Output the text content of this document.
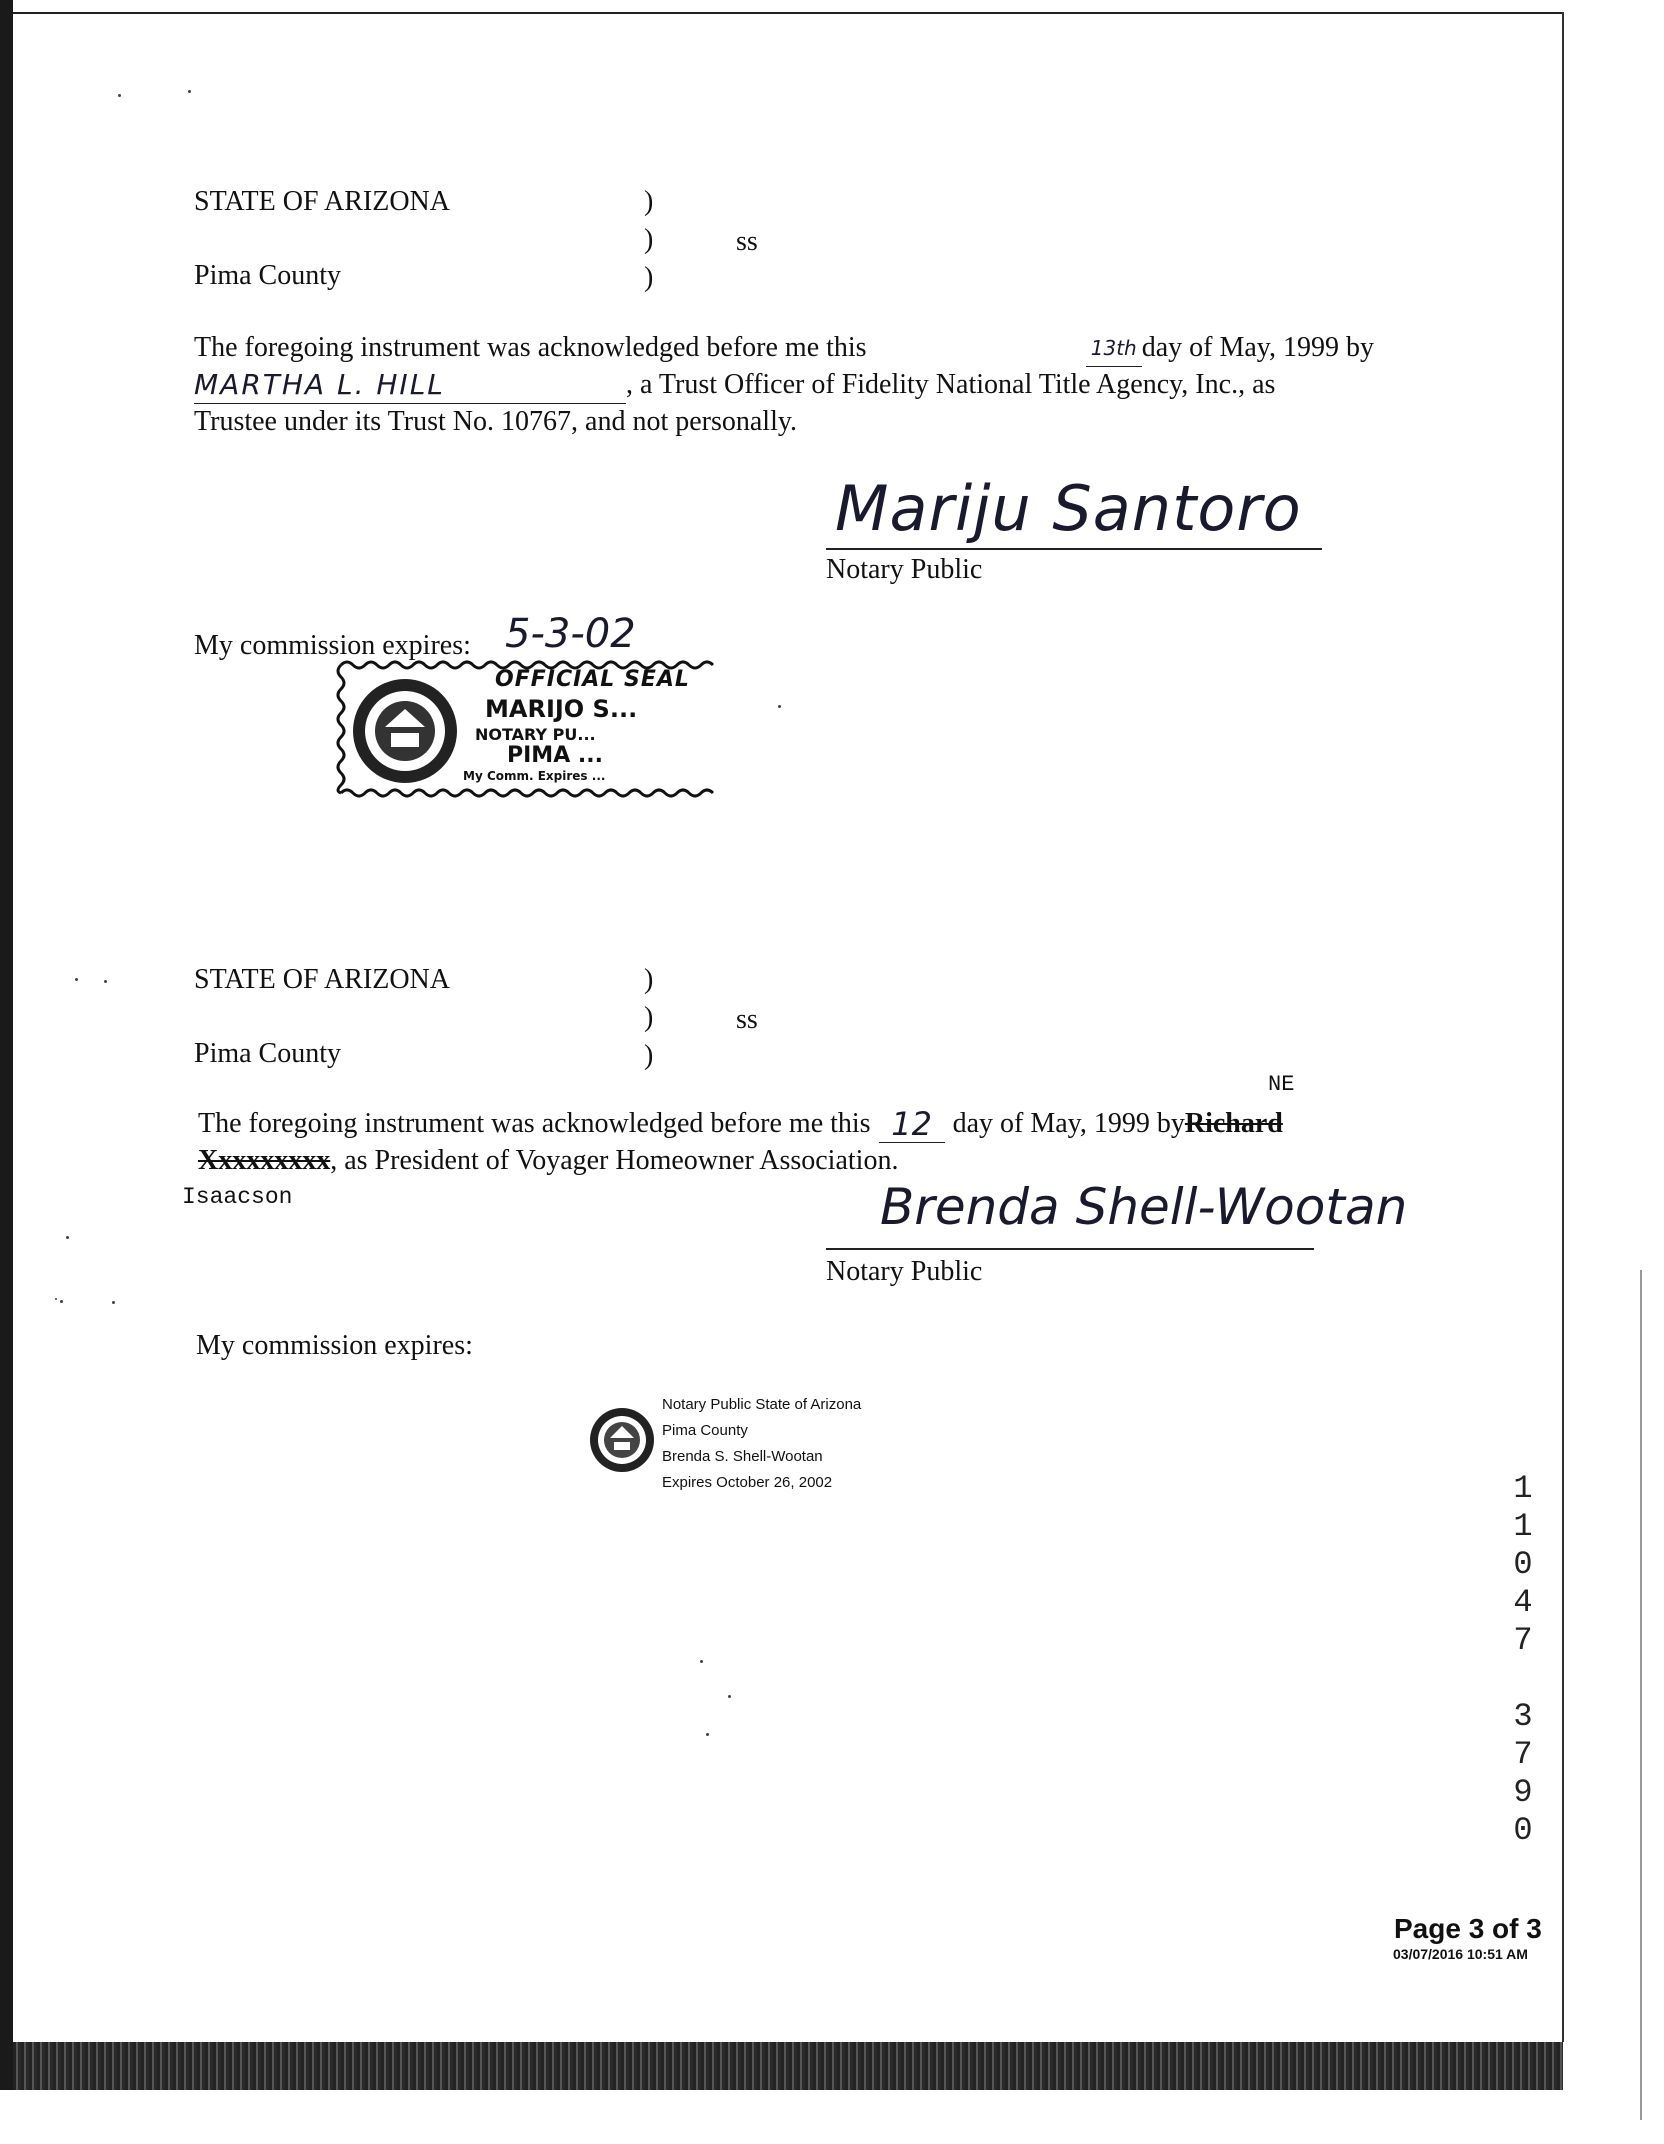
STATE OF ARIZONA	)
)
)
ss
Pima County
The foregoing instrument was acknowledged before me this	13th day of May, 1999 by
MARTHA L. HILL	, a Trust Officer of Fidelity National Title Agency, Inc., as
Trustee under its Trust No. 10767, and not personally.
Mariju Santoro
Notary Public
My commission expires: 5-3-02
OFFICIAL SEAL
MARIJO S...
NOTARY PU...
PIMA ...
My Comm. Expires ...
STATE OF ARIZONA	)
)
)
ss
Pima County
NE
The foregoing instrument was acknowledged before me this 12 day of May, 1999 by Richard
Xxxxxxxxx , as President of Voyager Homeowner Association.
Isaacson	Brenda Shell-Wootan
Notary Public
My commission expires:
Notary Public State of Arizona
Pima County
Brenda S. Shell-Wootan
Expires October 26, 2002	1
1
0
4
7
3
7
9
0
Page 3 of 3
03/07/2016 10:51 AM
